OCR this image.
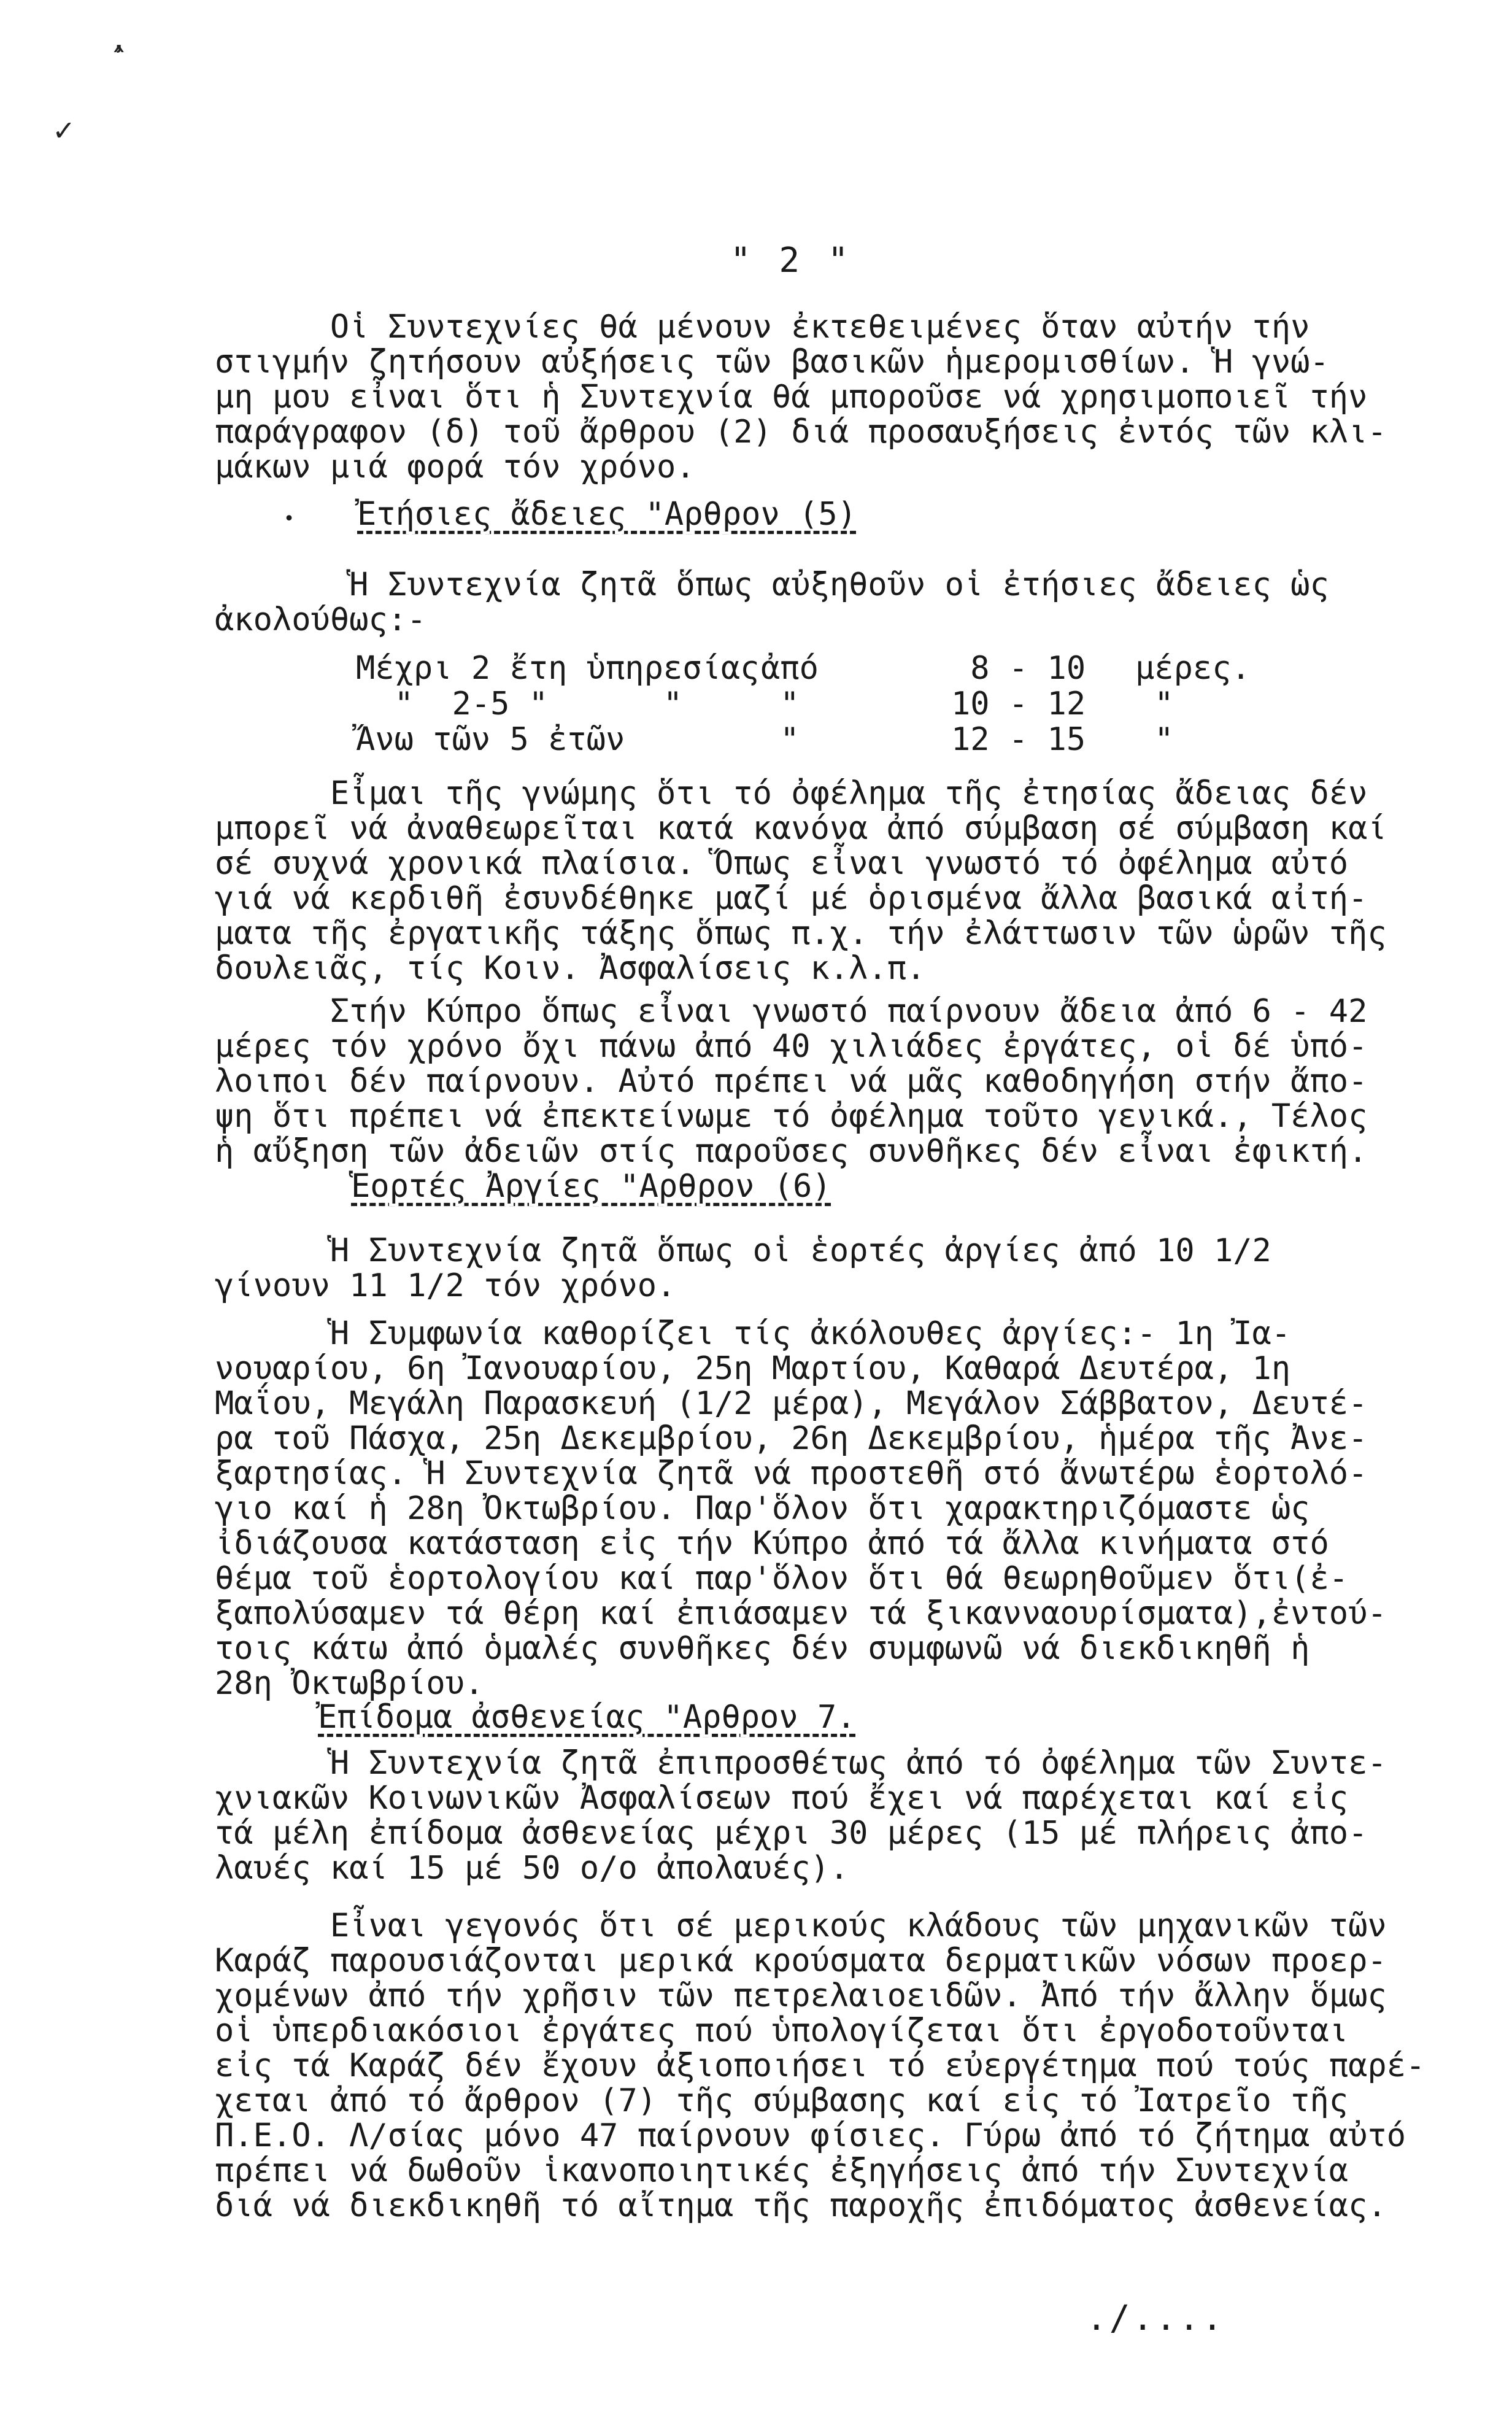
✓
" 2 "

Οἱ Συντεχνίες θά μένουν ἐκτεθειμένες ὅταν αὐτήν τήν

στιγμήν ζητήσουν αὐξήσεις τῶν βασικῶν ἡμερομισθίων. Ἡ γνώ-

μη μου εἶναι ὅτι ἡ Συντεχνία θά μποροῦσε νά χρησιμοποιεῖ τήν

παράγραφον (δ) τοῦ ἄρθρου (2) διά προσαυξήσεις ἐντός τῶν κλι-

μάκων μιά φορά τόν χρόνο.

• Ἐτήσιες ἄδειες "Αρθρον (5)

Ἡ Συντεχνία ζητᾶ ὅπως αὐξηθοῦν οἱ ἐτήσιες ἄδειες ὡς

ἀκολούθως:-

Μέχρι 2 ἔτη ὑπηρεσίας ἀπό	8 - 10	μέρες.
"  2-5 "      "	"	10 - 12	"
Ἄνω τῶν 5 ἐτῶν	"	12 - 15	"

Εἶμαι τῆς γνώμης ὅτι τό ὀφέλημα τῆς ἐτησίας ἄδειας δέν

μπορεῖ νά ἀναθεωρεῖται κατά κανόνα ἀπό σύμβαση σέ σύμβαση καί

σέ συχνά χρονικά πλαίσια. Ὅπως εἶναι γνωστό τό ὀφέλημα αὐτό

γιά νά κερδιθῆ ἐσυνδέθηκε μαζί μέ ὁρισμένα ἄλλα βασικά αἰτή-

ματα τῆς ἐργατικῆς τάξης ὅπως π.χ. τήν ἐλάττωσιν τῶν ὡρῶν τῆς

δουλειᾶς, τίς Κοιν. Ἀσφαλίσεις κ.λ.π.

Στήν Κύπρο ὅπως εἶναι γνωστό παίρνουν ἄδεια ἀπό 6 - 42

μέρες τόν χρόνο ὄχι πάνω ἀπό 40 χιλιάδες ἐργάτες, οἱ δέ ὑπό-

λοιποι δέν παίρνουν. Αὐτό πρέπει νά μᾶς καθοδηγήση στήν ἄπο-

ψη ὅτι πρέπει νά ἐπεκτείνωμε τό ὀφέλημα τοῦτο γενικά., Τέλος

ἡ αὔξηση τῶν ἀδειῶν στίς παροῦσες συνθῆκες δέν εἶναι ἐφικτή.

Ἑορτές Ἀργίες "Αρθρον (6)

Ἡ Συντεχνία ζητᾶ ὅπως οἱ ἑορτές ἀργίες ἀπό 10 1/2

γίνουν 11 1/2 τόν χρόνο.

Ἡ Συμφωνία καθορίζει τίς ἀκόλουθες ἀργίες:- 1η Ἰα-

νουαρίου, 6η Ἰανουαρίου, 25η Μαρτίου, Καθαρά Δευτέρα, 1η

Μαΐου, Μεγάλη Παρασκευή (1/2 μέρα), Μεγάλον Σάββατον, Δευτέ-

ρα τοῦ Πάσχα, 25η Δεκεμβρίου, 26η Δεκεμβρίου, ἡμέρα τῆς Ἀνε-

ξαρτησίας. Ἡ Συντεχνία ζητᾶ νά προστεθῆ στό ἄνωτέρω ἑορτολό-

γιο καί ἡ 28η Ὀκτωβρίου. Παρ'ὅλον ὅτι χαρακτηριζόμαστε ὡς

ἰδιάζουσα κατάσταση εἰς τήν Κύπρο ἀπό τά ἄλλα κινήματα στό

θέμα τοῦ ἑορτολογίου καί παρ'ὅλον ὅτι θά θεωρηθοῦμεν ὅτι(ἐ-

ξαπολύσαμεν τά θέρη καί ἐπιάσαμεν τά ξικανναουρίσματα),ἐντού-

τοις κάτω ἀπό ὁμαλές συνθῆκες δέν συμφωνῶ νά διεκδικηθῆ ἡ

28η Ὀκτωβρίου.

Ἐπίδομα ἀσθενείας "Αρθρον 7.

Ἡ Συντεχνία ζητᾶ ἐπιπροσθέτως ἀπό τό ὀφέλημα τῶν Συντε-

χνιακῶν Κοινωνικῶν Ἀσφαλίσεων πού ἔχει νά παρέχεται καί εἰς

τά μέλη ἐπίδομα ἀσθενείας μέχρι 30 μέρες (15 μέ πλήρεις ἀπο-

λαυές καί 15 μέ 50 ο/ο ἀπολαυές).

Εἶναι γεγονός ὅτι σέ μερικούς κλάδους τῶν μηχανικῶν τῶν

Καράζ παρουσιάζονται μερικά κρούσματα δερματικῶν νόσων προερ-

χομένων ἀπό τήν χρῆσιν τῶν πετρελαιοειδῶν. Ἀπό τήν ἄλλην ὅμως

οἱ ὑπερδιακόσιοι ἐργάτες πού ὑπολογίζεται ὅτι ἐργοδοτοῦνται

εἰς τά Καράζ δέν ἔχουν ἀξιοποιήσει τό εὐεργέτημα πού τούς παρέ-

χεται ἀπό τό ἄρθρον (7) τῆς σύμβασης καί εἰς τό Ἰατρεῖο τῆς

Π.Ε.Ο. Λ/σίας μόνο 47 παίρνουν φίσιες. Γύρω ἀπό τό ζήτημα αὐτό

πρέπει νά δωθοῦν ἱκανοποιητικές ἐξηγήσεις ἀπό τήν Συντεχνία

διά νά διεκδικηθῆ τό αἴτημα τῆς παροχῆς ἐπιδόματος ἀσθενείας.

./....
